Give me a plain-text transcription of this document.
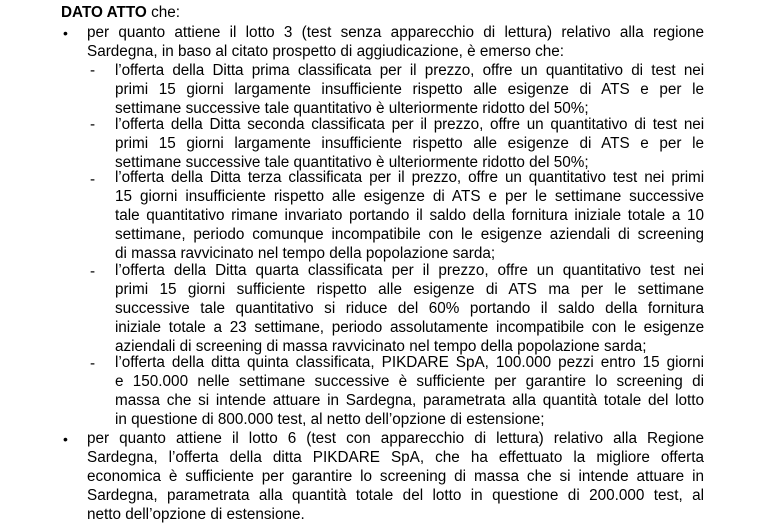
DATO ATTO che:
• per quanto attiene il lotto 3 (test senza apparecchio di lettura) relativo alla regione
Sardegna, in baso al citato prospetto di aggiudicazione, è emerso che:
- l’offerta della Ditta prima classificata per il prezzo, offre un quantitativo di test nei
primi 15 giorni largamente insufficiente rispetto alle esigenze di ATS e per le
settimane successive tale quantitativo è ulteriormente ridotto del 50%;
- l’offerta della Ditta seconda classificata per il prezzo, offre un quantitativo di test nei
primi 15 giorni largamente insufficiente rispetto alle esigenze di ATS e per le
settimane successive tale quantitativo è ulteriormente ridotto del 50%;
- l’offerta della Ditta terza classificata per il prezzo, offre un quantitativo test nei primi
15 giorni insufficiente rispetto alle esigenze di ATS e per le settimane successive
tale quantitativo rimane invariato portando il saldo della fornitura iniziale totale a 10
settimane, periodo comunque incompatibile con le esigenze aziendali di screening
di massa ravvicinato nel tempo della popolazione sarda;
- l’offerta della Ditta quarta classificata per il prezzo, offre un quantitativo test nei
primi 15 giorni sufficiente rispetto alle esigenze di ATS ma per le settimane
successive tale quantitativo si riduce del 60% portando il saldo della fornitura
iniziale totale a 23 settimane, periodo assolutamente incompatibile con le esigenze
aziendali di screening di massa ravvicinato nel tempo della popolazione sarda;
- l’offerta della ditta quinta classificata, PIKDARE SpA, 100.000 pezzi entro 15 giorni
e 150.000 nelle settimane successive è sufficiente per garantire lo screening di
massa che si intende attuare in Sardegna, parametrata alla quantità totale del lotto
in questione di 800.000 test, al netto dell’opzione di estensione;
• per quanto attiene il lotto 6 (test con apparecchio di lettura) relativo alla Regione
Sardegna, l’offerta della ditta PIKDARE SpA, che ha effettuato la migliore offerta
economica è sufficiente per garantire lo screening di massa che si intende attuare in
Sardegna, parametrata alla quantità totale del lotto in questione di 200.000 test, al
netto dell’opzione di estensione.
